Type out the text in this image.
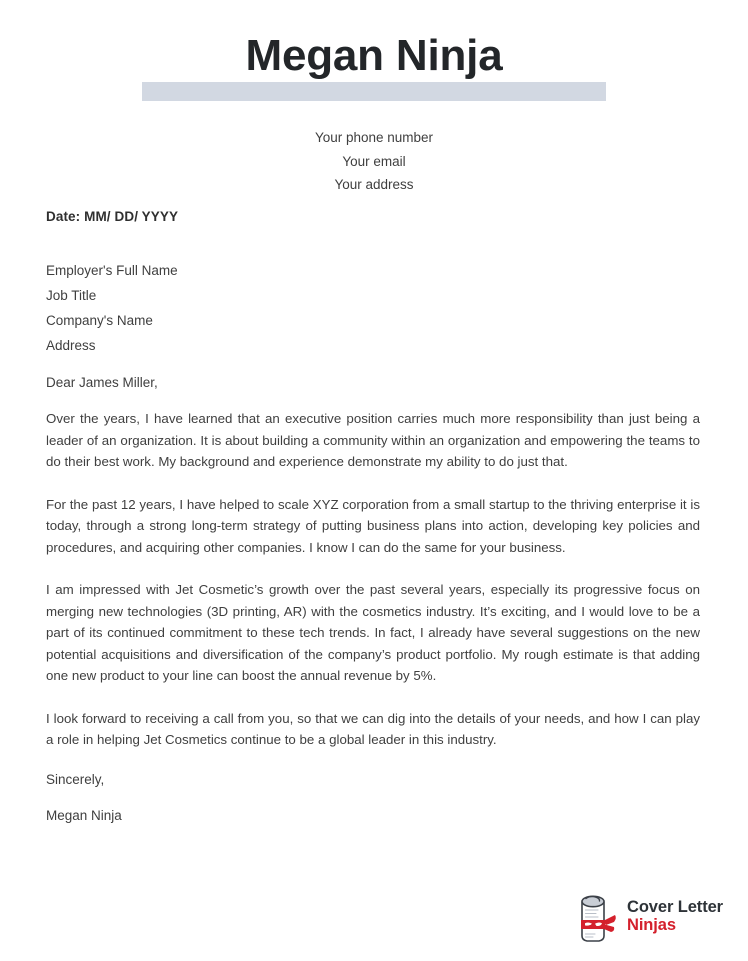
Megan Ninja
Your phone number
Your email
Your address
Date: MM/ DD/ YYYY
Employer's Full Name
Job Title
Company's Name
Address
Dear James Miller,

Over the years, I have learned that an executive position carries much more responsibility than just being a leader of an organization. It is about building a community within an organization and empowering the teams to do their best work. My background and experience demonstrate my ability to do just that.

For the past 12 years, I have helped to scale XYZ corporation from a small startup to the thriving enterprise it is today, through a strong long-term strategy of putting business plans into action, developing key policies and procedures, and acquiring other companies. I know I can do the same for your business.

I am impressed with Jet Cosmetic’s growth over the past several years, especially its progressive focus on merging new technologies (3D printing, AR) with the cosmetics industry. It’s exciting, and I would love to be a part of its continued commitment to these tech trends. In fact, I already have several suggestions on the new potential acquisitions and diversification of the company’s product portfolio. My rough estimate is that adding one new product to your line can boost the annual revenue by 5%.

I look forward to receiving a call from you, so that we can dig into the details of your needs, and how I can play a role in helping Jet Cosmetics continue to be a global leader in this industry.

Sincerely,
Megan Ninja
Cover Letter
Ninjas
